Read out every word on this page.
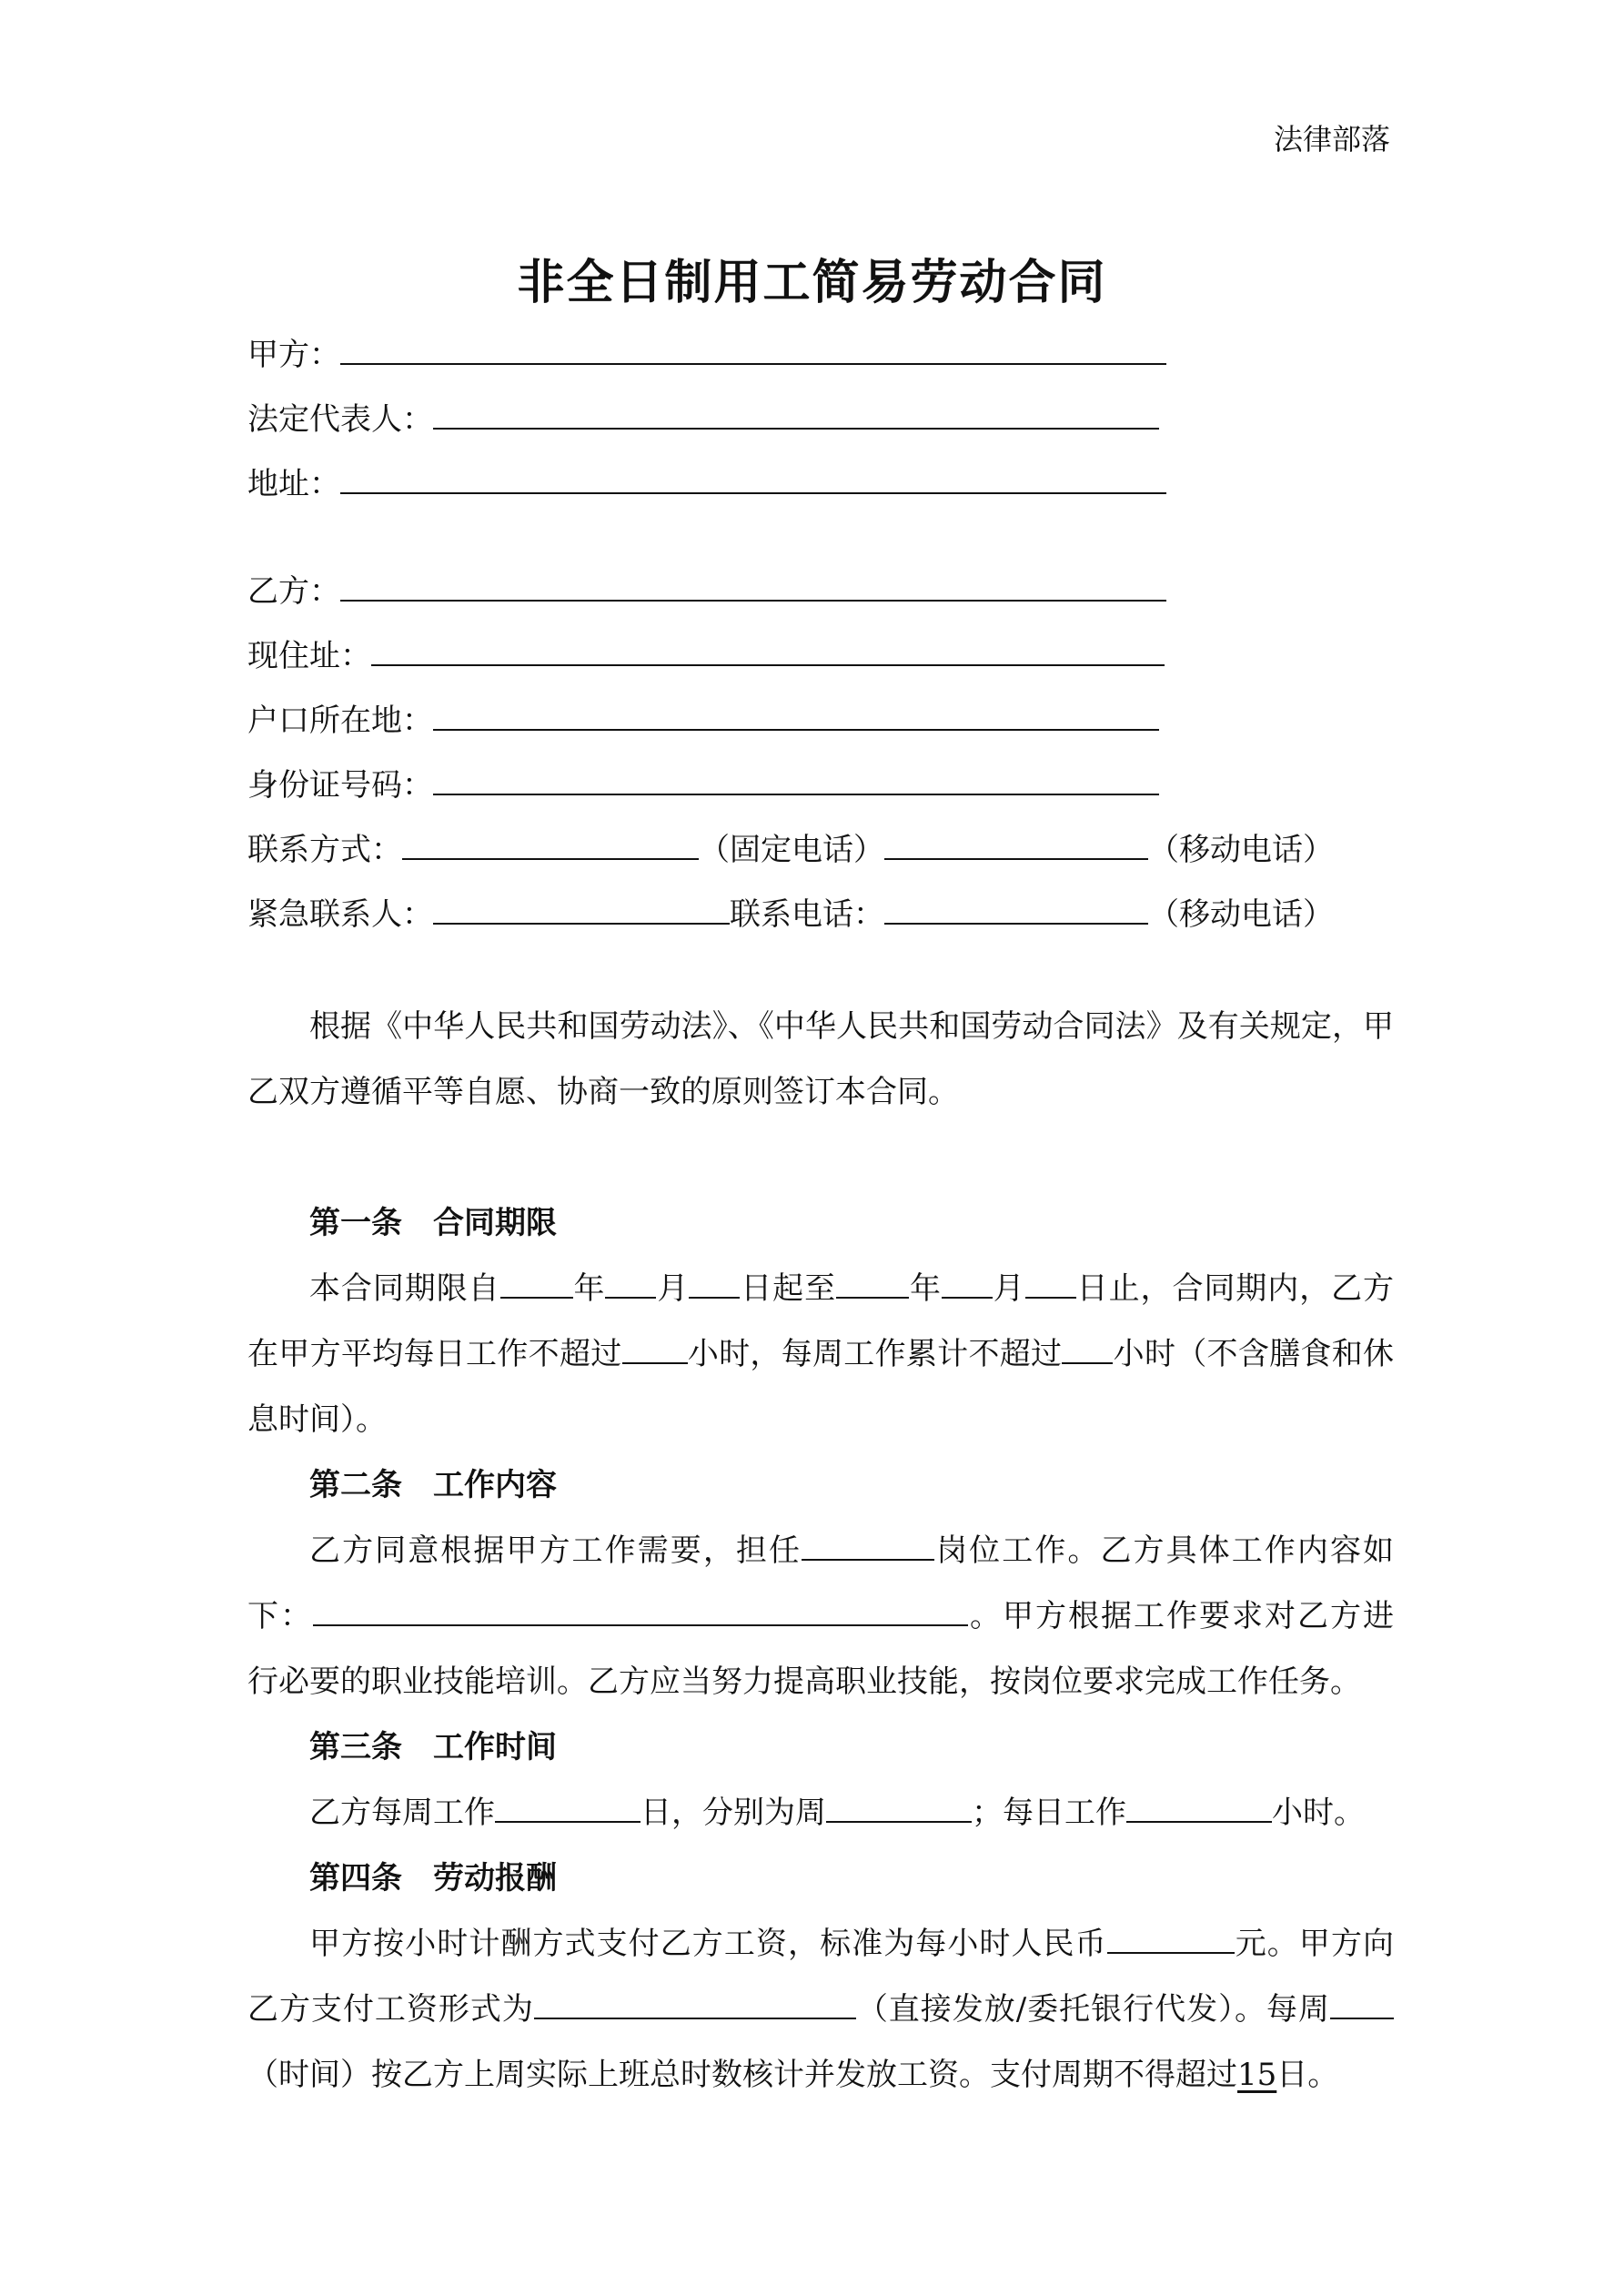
法律部落
非全日制用工简易劳动合同
甲方：
法定代表人：
地址：
乙方：
现住址：
户口所在地：
身份证号码：
联系方式：	（固定电话）	（移动电话）
紧急联系人：	联系电话：	（移动电话）

根据《中华人民共和国劳动法》、《中华人民共和国劳动合同法》及有关规定，甲乙双方遵循平等自愿、协商一致的原则签订本合同。

第一条　合同期限

本合同期限自 年 月 日起至 年 月 日止，合同期内，乙方在甲方平均每日工作不超过 小时，每周工作累计不超过 小时（不含膳食和休息时间）。

第二条　工作内容

乙方同意根据甲方工作需要，担任	岗位工作。乙方具体工作内容如下：	。甲方根据工作要求对乙方进行必要的职业技能培训。乙方应当努力提高职业技能，按岗位要求完成工作任务。

第三条　工作时间

乙方每周工作	日，分别为周	；每日工作	小时。

第四条　劳动报酬

甲方按小时计酬方式支付乙方工资，标准为每小时人民币	元。甲方向乙方支付工资形式为	（直接发放/委托银行代发）。每周（时间）按乙方上周实际上班总时数核计并发放工资。支付周期不得超过15日。
